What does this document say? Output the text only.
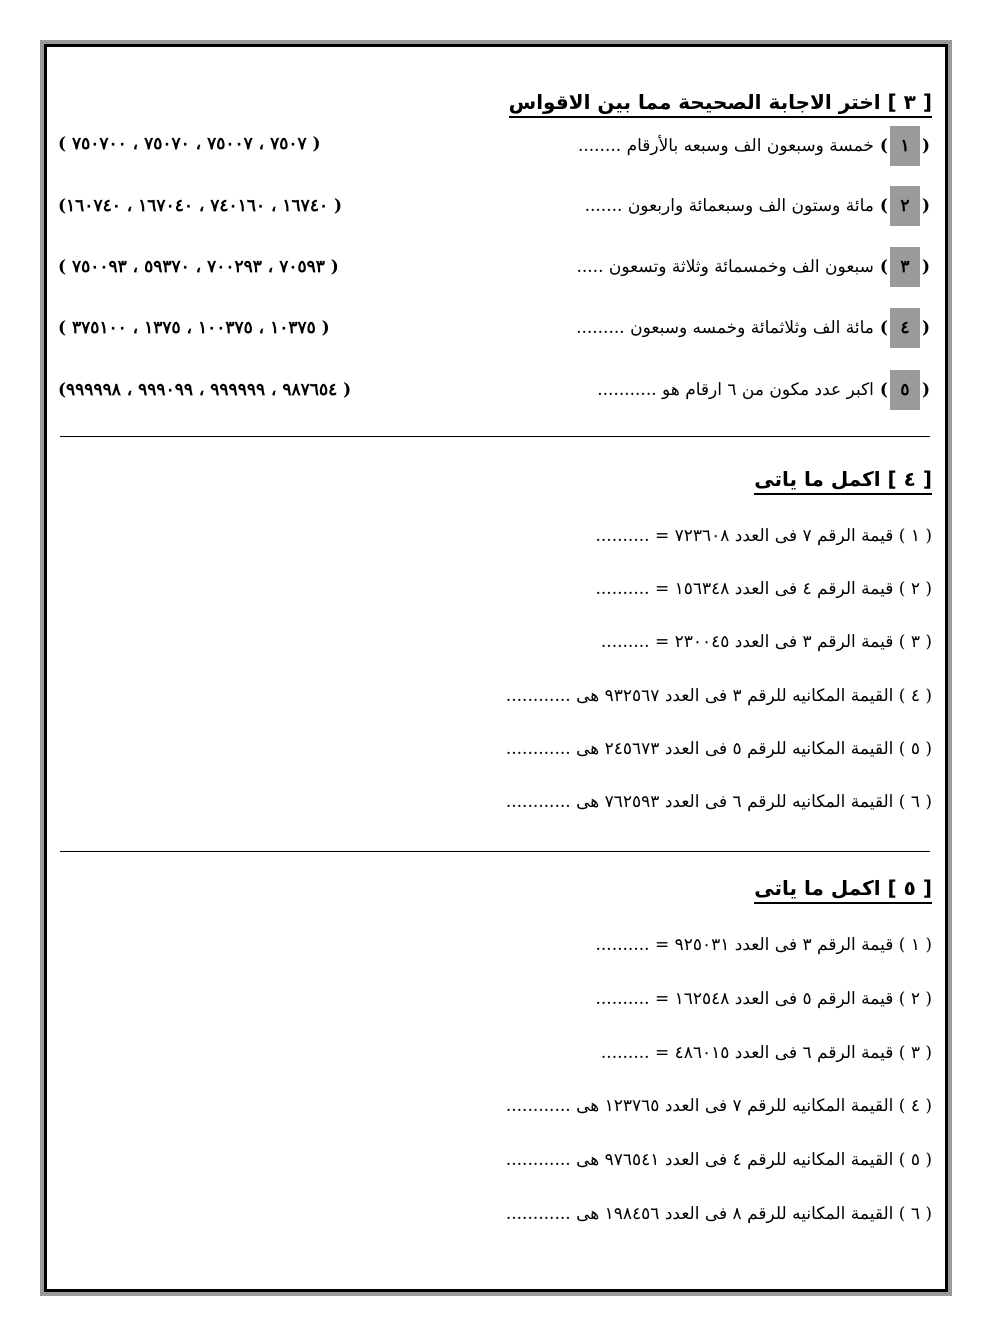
[ ٣ ] اختر الاجابة الصحيحة مما بين الاقواس
(
١
)
خمسة وسبعون الف وسبعه بالأرقام ........
( ٧٥٠٧ ، ٧٥٠٠٧ ، ٧٥٠٧٠ ، ٧٥٠٧٠٠ )
(
٢
)
مائة وستون الف وسبعمائة واربعون .......
( ١٦٧٤٠ ، ٧٤٠١٦٠ ، ١٦٧٠٤٠ ، ١٦٠٧٤٠)
(
٣
)
سبعون الف وخمسمائة وثلاثة وتسعون .....
( ٧٠٥٩٣ ، ٧٠٠٢٩٣ ، ٥٩٣٧٠ ، ٧٥٠٠٩٣ )
(
٤
)
مائة الف وثلاثمائة وخمسه وسبعون .........
( ١٠٣٧٥ ، ١٠٠٣٧٥ ، ١٣٧٥ ، ٣٧٥١٠٠ )
(
٥
)
اكبر عدد مكون من ٦ ارقام هو ...........
( ٩٨٧٦٥٤ ، ٩٩٩٩٩٩ ، ٩٩٩٠٩٩ ، ٩٩٩٩٩٨)
[ ٤ ] اكمل ما ياتى
( ١ ) قيمة الرقم ٧ فى العدد ٧٢٣٦٠٨ = ..........
( ٢ ) قيمة الرقم ٤ فى العدد ١٥٦٣٤٨ = ..........
( ٣ ) قيمة الرقم ٣ فى العدد ٢٣٠٠٤٥ = .........
( ٤ ) القيمة المكانيه للرقم ٣ فى العدد ٩٣٢٥٦٧ هى ............
( ٥ ) القيمة المكانيه للرقم ٥ فى العدد ٢٤٥٦٧٣ هى ............
( ٦ ) القيمة المكانيه للرقم ٦ فى العدد ٧٦٢٥٩٣ هى ............
[ ٥ ] اكمل ما ياتى
( ١ ) قيمة الرقم ٣ فى العدد ٩٢٥٠٣١ = ..........
( ٢ ) قيمة الرقم ٥ فى العدد ١٦٢٥٤٨ = ..........
( ٣ ) قيمة الرقم ٦ فى العدد ٤٨٦٠١٥ = .........
( ٤ ) القيمة المكانيه للرقم ٧ فى العدد ١٢٣٧٦٥ هى ............
( ٥ ) القيمة المكانيه للرقم ٤ فى العدد ٩٧٦٥٤١ هى ............
( ٦ ) القيمة المكانيه للرقم ٨ فى العدد ١٩٨٤٥٦ هى ............
